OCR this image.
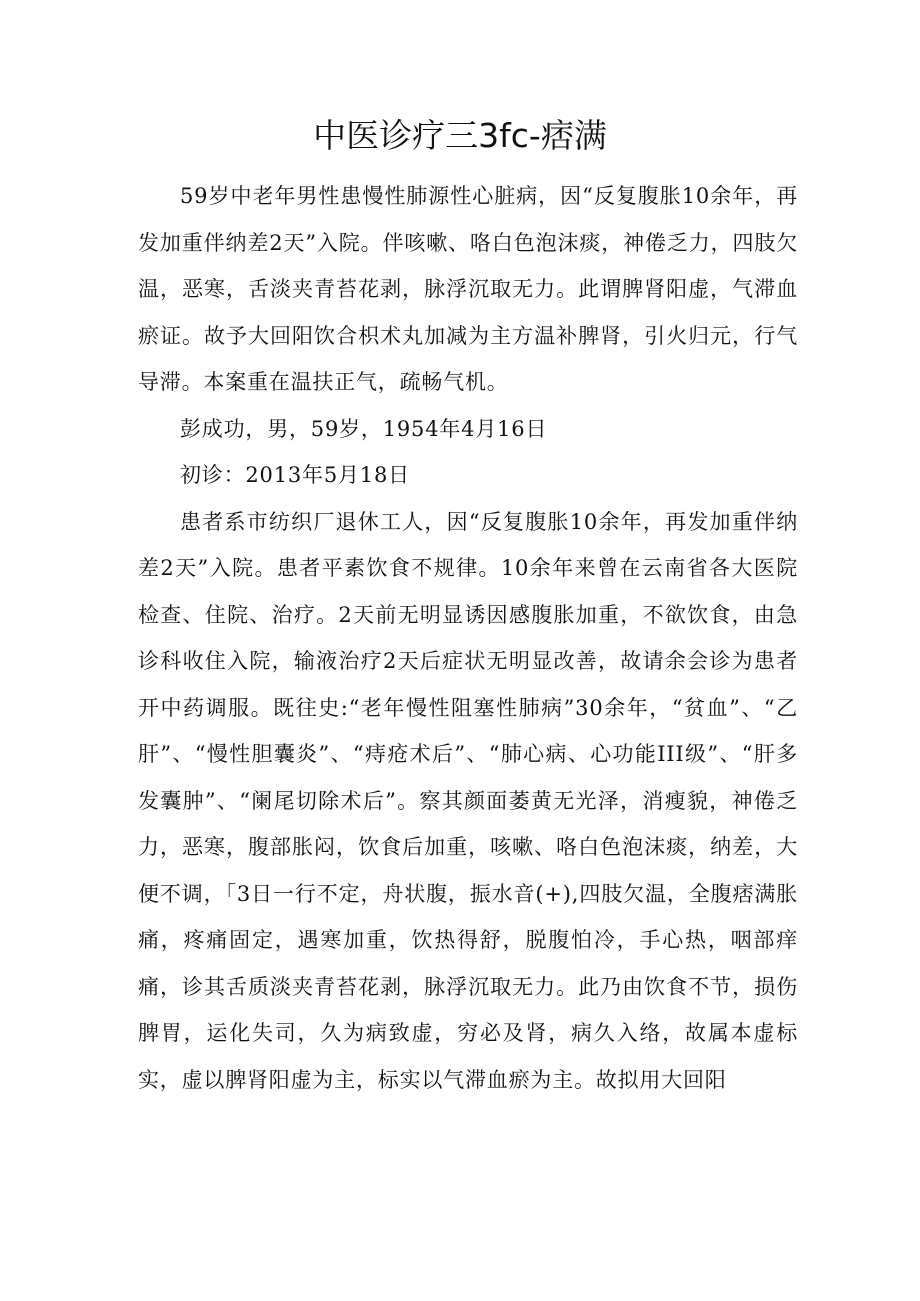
中医诊疗三3fc-痞满

59岁中老年男性患慢性肺源性心脏病，因“反复腹胀10余年，再发加重伴纳差2天”入院。伴咳嗽、咯白色泡沫痰，神倦乏力，四肢欠温，恶寒，舌淡夹青苔花剥，脉浮沉取无力。此谓脾肾阳虚，气滞血瘀证。故予大回阳饮合枳术丸加减为主方温补脾肾，引火归元，行气导滞。本案重在温扶正气，疏畅气机。

彭成功，男，59岁，1954年4月16日

初诊：2013年5月18日

患者系市纺织厂退休工人，因“反复腹胀10余年，再发加重伴纳差2天”入院。患者平素饮食不规律。10余年来曾在云南省各大医院检查、住院、治疗。2天前无明显诱因感腹胀加重，不欲饮食，由急诊科收住入院，输液治疗2天后症状无明显改善，故请余会诊为患者开中药调服。既往史:“老年慢性阻塞性肺病”30余年，“贫血”、“乙肝”、“慢性胆囊炎”、“痔疮术后”、“肺心病、心功能III级”、“肝多发囊肿”、“阑尾切除术后”。察其颜面萎黄无光泽，消瘦貌，神倦乏力，恶寒，腹部胀闷，饮食后加重，咳嗽、咯白色泡沫痰，纳差，大便不调，「3日一行不定，舟状腹，振水音(+),四肢欠温，全腹痞满胀痛，疼痛固定，遇寒加重，饮热得舒，脱腹怕冷，手心热，咽部痒痛，诊其舌质淡夹青苔花剥，脉浮沉取无力。此乃由饮食不节，损伤脾胃，运化失司，久为病致虚，穷必及肾，病久入络，故属本虚标实，虚以脾肾阳虚为主，标实以气滞血瘀为主。故拟用大回阳
